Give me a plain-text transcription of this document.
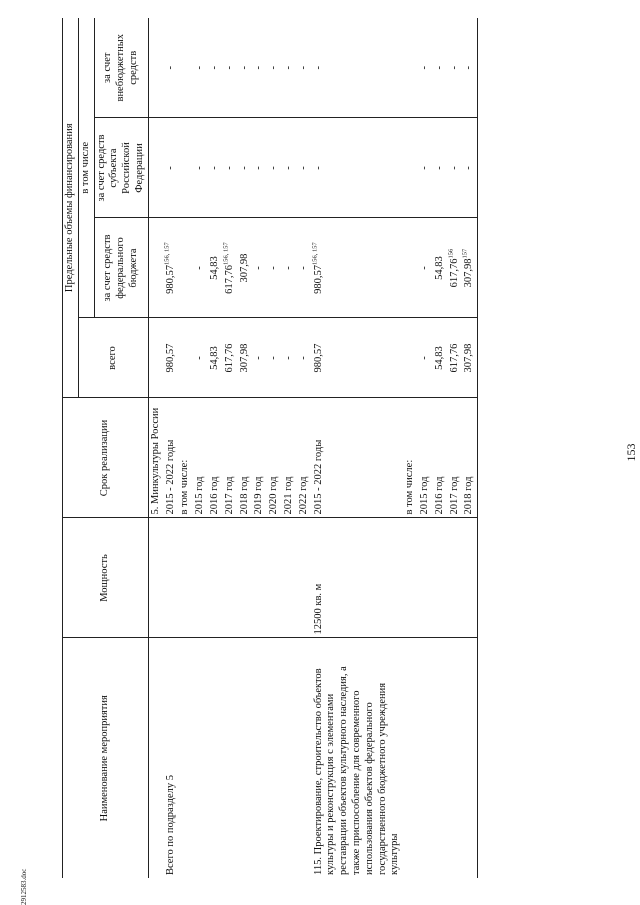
2912583.doc
153
Наименование мероприятия	Мощность	Срок реализации	Предельные объемы финансирования			
			всего	в том числе		
				за счет средств федерального бюджета	за счет средств субъекта Российской Федерации	за счет внебюджетных средств
		5. Минкультуры России				
Всего по подразделу 5		2015 - 2022 годы	980,57	980,57$^{156, 157}$	-	-
		в том числе:				
		2015 год	-	-	-	-
		2016 год	54,83	54,83	-	-
		2017 год	617,76	617,76$^{156, 157}$	-	-
		2018 год	307,98	307,98	-	-
		2019 год	-	-	-	-
		2020 год	-	-	-	-
		2021 год	-	-	-	-
		2022 год	-	-	-	-
115. Проектирование, строительство объектов культуры и реконструкция с элементами реставрации объектов культурного наследия, а также приспособление для современного использования объектов федерального государственного бюджетного учреждения культуры	12500 кв. м	2015 - 2022 годы	980,57	980,57$^{156, 157}$	-	-
		в том числе:				
		2015 год	-	-	-	-
		2016 год	54,83	54,83	-	-
		2017 год	617,76	617,76$^{156}$	-	-
		2018 год	307,98	307,98$^{157}$	-	-
